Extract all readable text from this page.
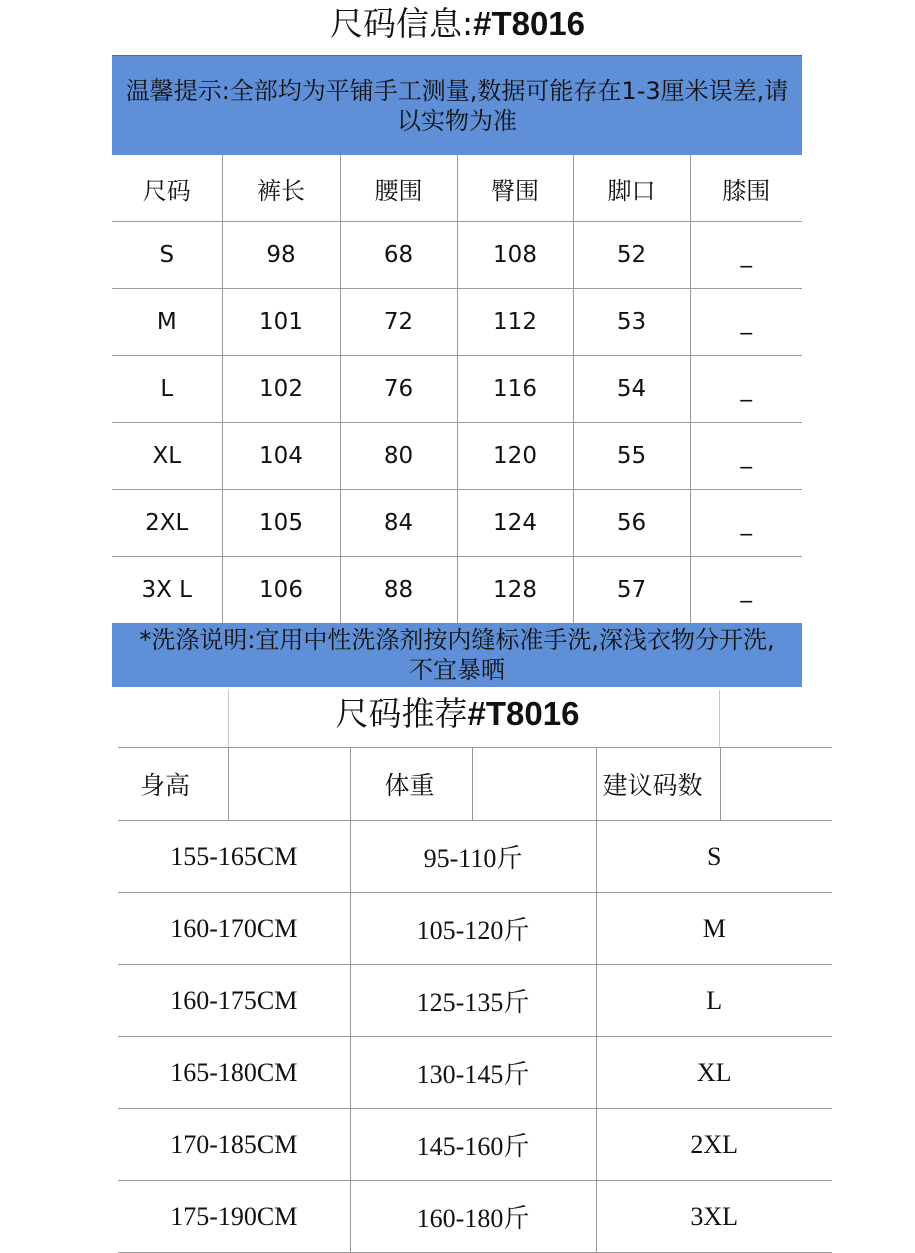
尺码信息:#T8016
温馨提示:全部均为平铺手工测量,数据可能存在1-3厘米误差,请以实物为准
尺码	裤长	腰围	臀围	脚口	膝围
S	98	68	108	52	_
M	101	72	112	53	_
L	102	76	116	54	_
XL	104	80	120	55	_
2XL	105	84	124	56	_
3X L	106	88	128	57	_
*洗涤说明:宜用中性洗涤剂按内缝标准手洗,深浅衣物分开洗,不宜暴晒
尺码推荐#T8016
身高		体重		建议码数	
155-165CM		95-110斤		S	
160-170CM		105-120斤		M	
160-175CM		125-135斤		L	
165-180CM		130-145斤		XL	
170-185CM		145-160斤		2XL	
175-190CM		160-180斤		3XL	
